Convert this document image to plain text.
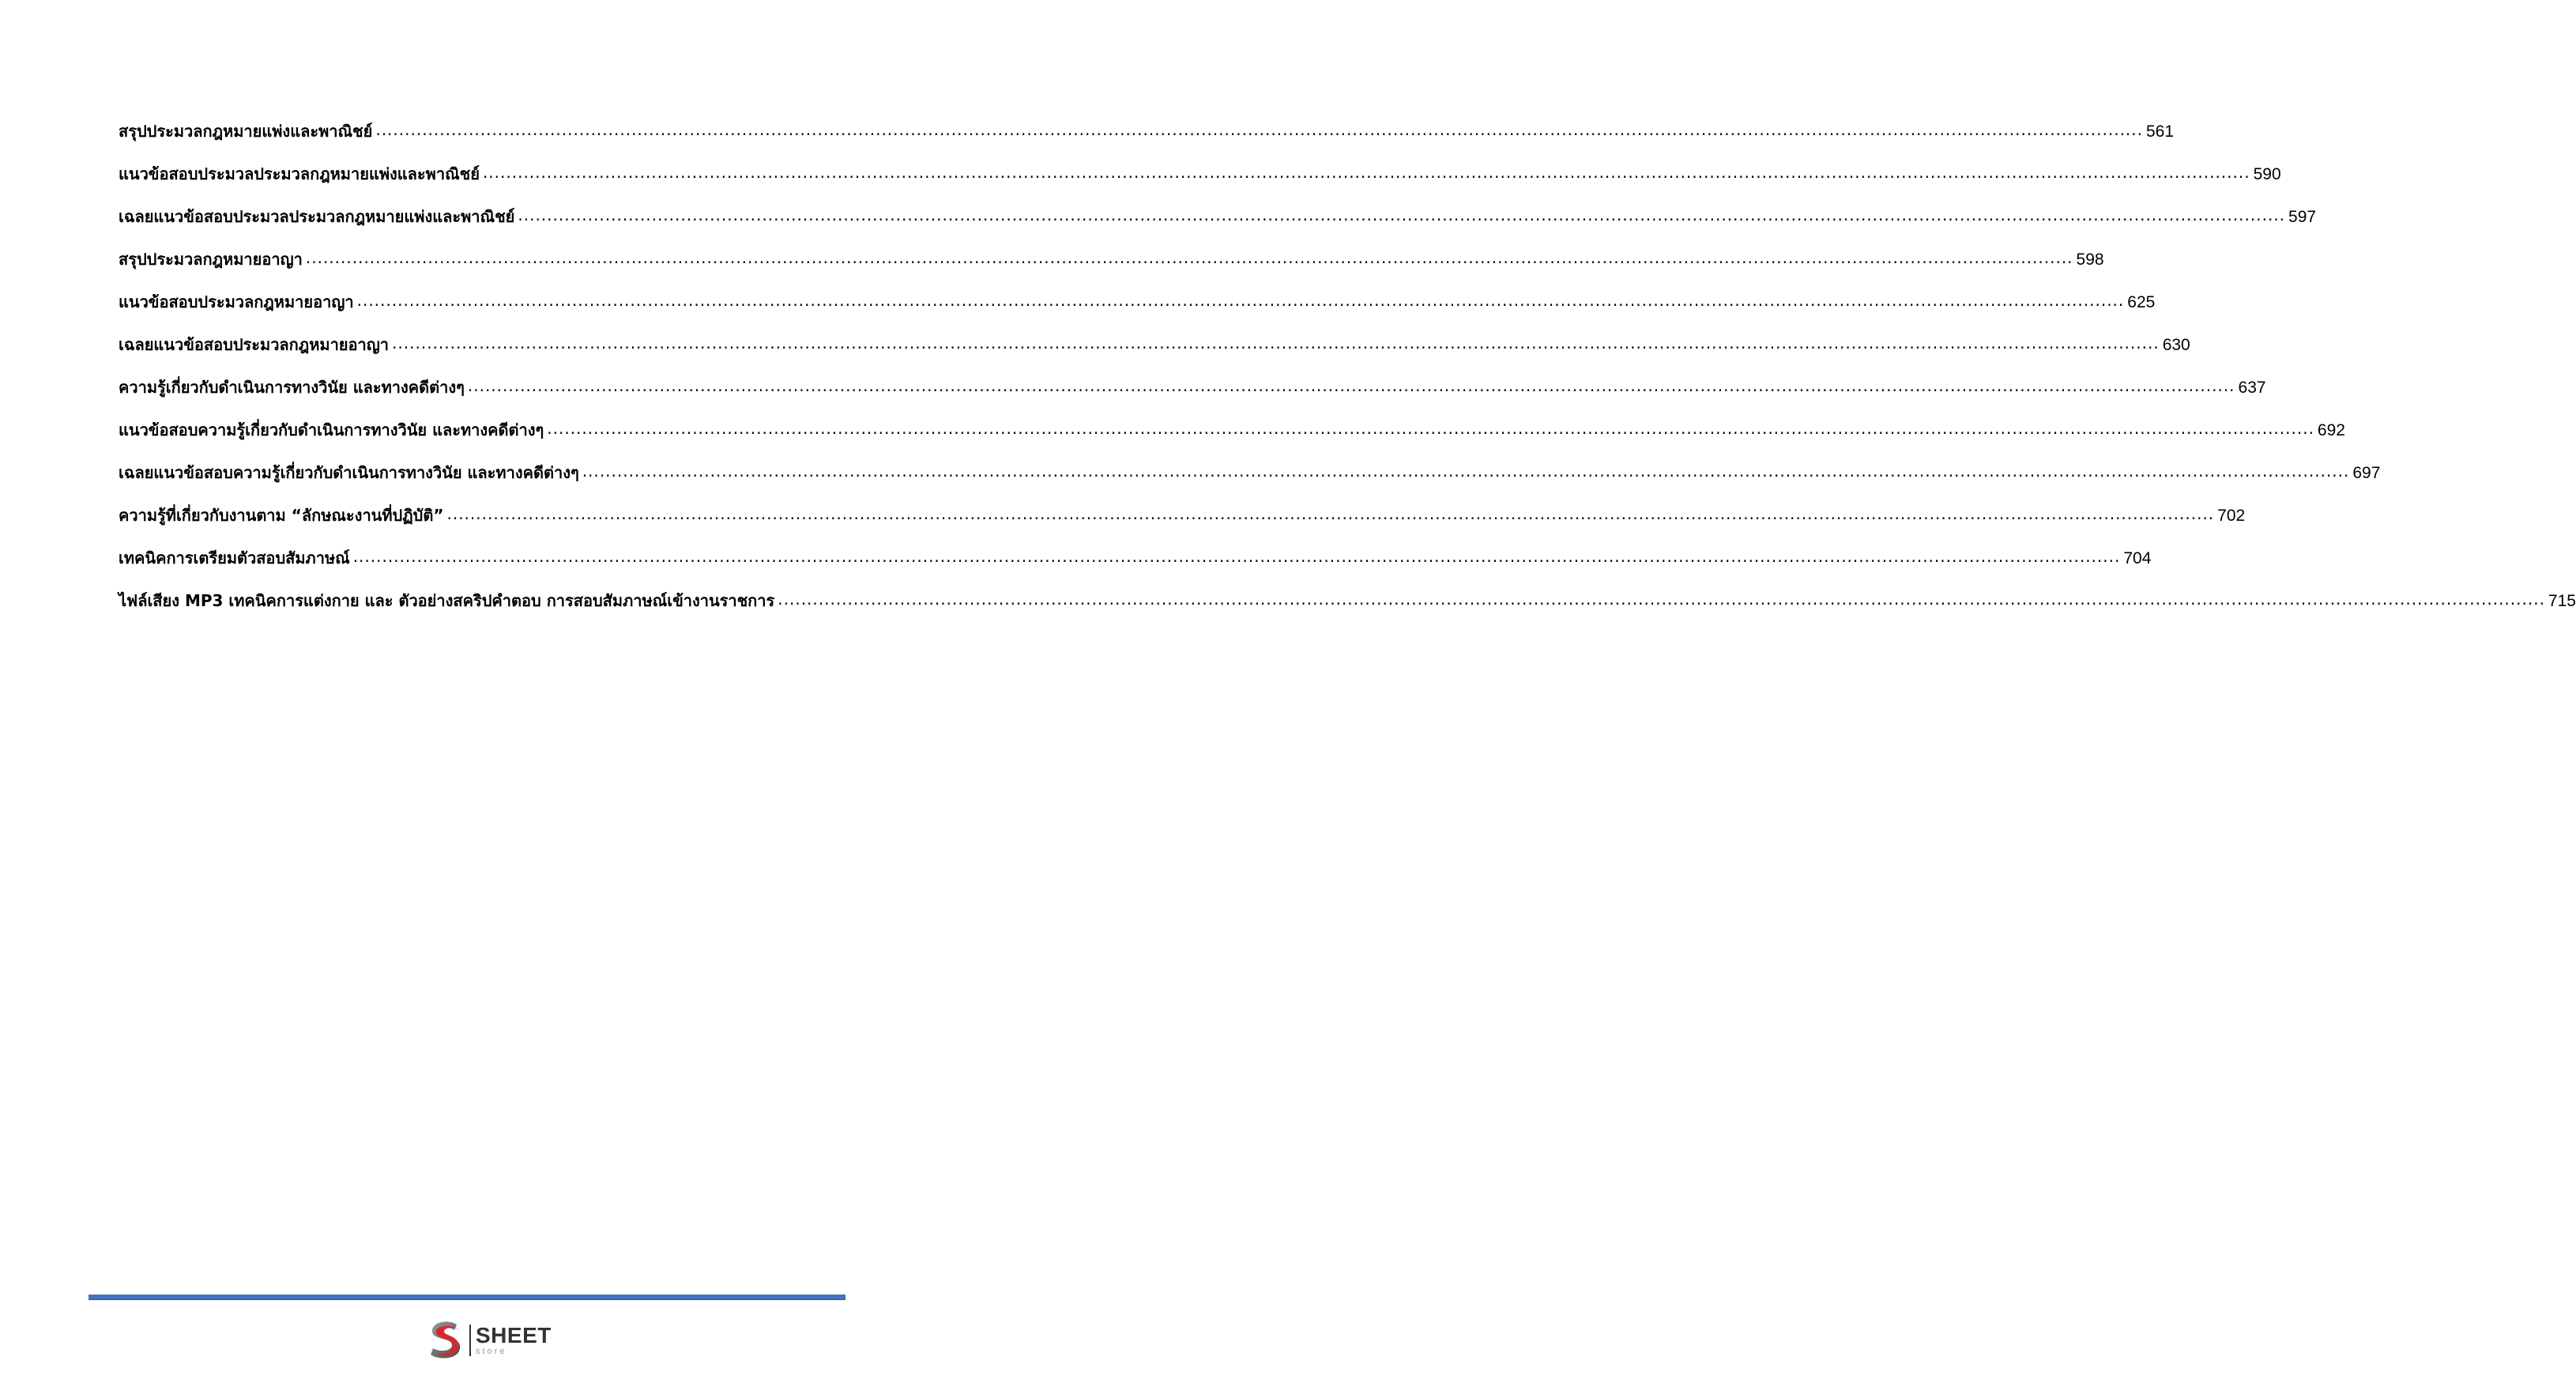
สรุปประมวลกฎหมายแพ่งและพาณิชย์ .....	561
แนวข้อสอบประมวลประมวลกฎหมายแพ่งและพาณิชย์ .....	590
เฉลยแนวข้อสอบประมวลประมวลกฎหมายแพ่งและพาณิชย์ .....	597
สรุปประมวลกฎหมายอาญา .....	598
แนวข้อสอบประมวลกฎหมายอาญา .....	625
เฉลยแนวข้อสอบประมวลกฎหมายอาญา .....	630
ความรู้เกี่ยวกับดำเนินการทางวินัย และทางคดีต่างๆ .....	637
แนวข้อสอบความรู้เกี่ยวกับดำเนินการทางวินัย และทางคดีต่างๆ .....	692
เฉลยแนวข้อสอบความรู้เกี่ยวกับดำเนินการทางวินัย และทางคดีต่างๆ .....	697
ความรู้ที่เกี่ยวกับงานตาม “ลักษณะงานที่ปฏิบัติ” .....	702
เทคนิคการเตรียมตัวสอบสัมภาษณ์ .....	704
ไฟล์เสียง MP3 เทคนิคการแต่งกาย และ ตัวอย่างสคริปคำตอบ การสอบสัมภาษณ์เข้างานราชการ .....	715
SHEET
store
